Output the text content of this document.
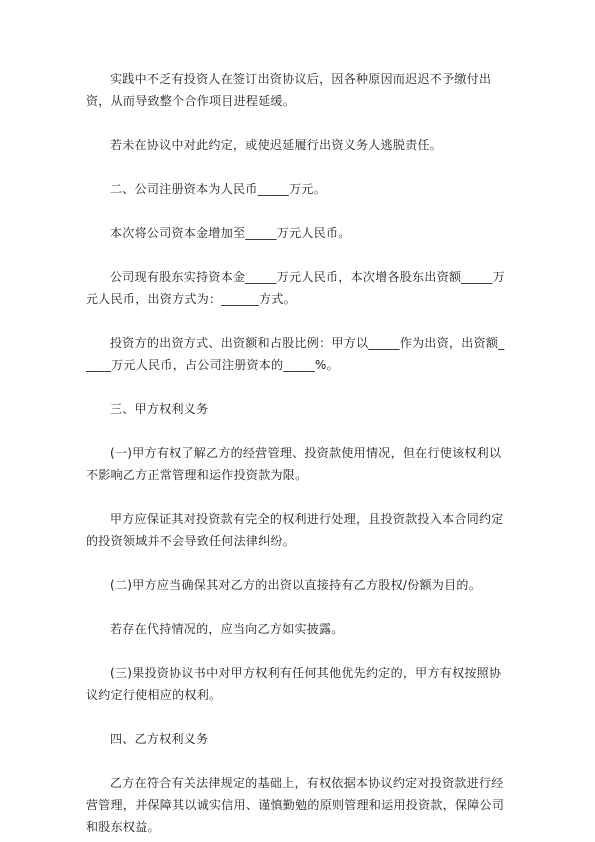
实践中不乏有投资人在签订出资协议后，因各种原因而迟迟不予缴付出资，从而导致整个合作项目进程延缓。

若未在协议中对此约定，或使迟延履行出资义务人逃脱责任。

二、公司注册资本为人民币_____万元。

本次将公司资本金增加至_____万元人民币。

公司现有股东实持资本金_____万元人民币，本次增各股东出资额_____万元人民币，出资方式为：______方式。

投资方的出资方式、出资额和占股比例：甲方以_____作为出资，出资额_____万元人民币，占公司注册资本的_____%。

三、甲方权利义务

(一)甲方有权了解乙方的经营管理、投资款使用情况，但在行使该权利以不影响乙方正常管理和运作投资款为限。

甲方应保证其对投资款有完全的权利进行处理，且投资款投入本合同约定的投资领域并不会导致任何法律纠纷。

(二)甲方应当确保其对乙方的出资以直接持有乙方股权/份额为目的。

若存在代持情况的，应当向乙方如实披露。

(三)果投资协议书中对甲方权利有任何其他优先约定的，甲方有权按照协议约定行使相应的权利。

四、乙方权利义务

乙方在符合有关法律规定的基础上，有权依据本协议约定对投资款进行经营管理，并保障其以诚实信用、谨慎勤勉的原则管理和运用投资款，保障公司和股东权益。
